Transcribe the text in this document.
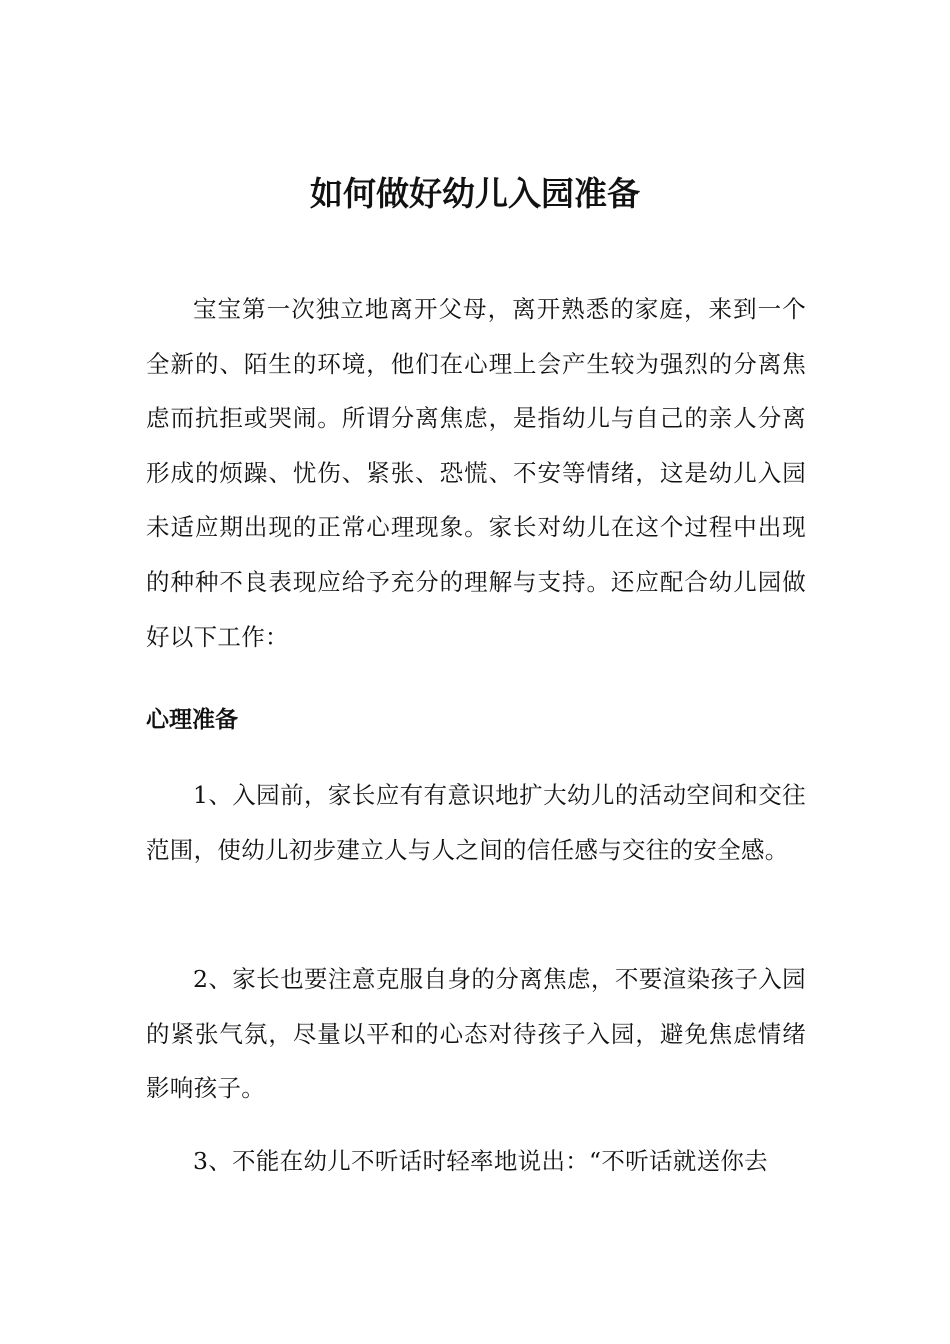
如何做好幼儿入园准备

宝宝第一次独立地离开父母，离开熟悉的家庭，来到一个全新的、陌生的环境，他们在心理上会产生较为强烈的分离焦虑而抗拒或哭闹。所谓分离焦虑，是指幼儿与自己的亲人分离形成的烦躁、忧伤、紧张、恐慌、不安等情绪，这是幼儿入园未适应期出现的正常心理现象。家长对幼儿在这个过程中出现的种种不良表现应给予充分的理解与支持。还应配合幼儿园做好以下工作：

心理准备

1、入园前，家长应有有意识地扩大幼儿的活动空间和交往范围，使幼儿初步建立人与人之间的信任感与交往的安全感。

2、家长也要注意克服自身的分离焦虑，不要渲染孩子入园的紧张气氛，尽量以平和的心态对待孩子入园，避免焦虑情绪影响孩子。

3、不能在幼儿不听话时轻率地说出：“不听话就送你去
